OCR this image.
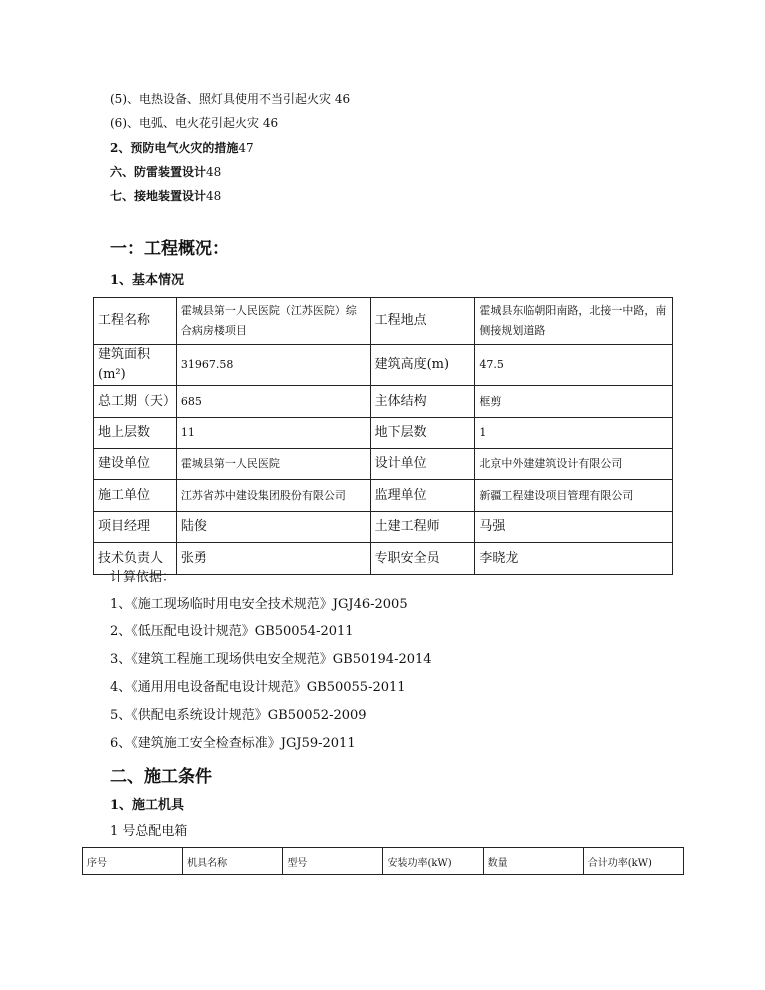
(5)、电热设备、照灯具使用不当引起火灾 46
(6)、电弧、电火花引起火灾 46
2、预防电气火灾的措施47
六、防雷装置设计48
七、接地装置设计48
一：工程概况：
1、基本情况
工程名称	霍城县第一人民医院（江苏医院）综合病房楼项目	工程地点	霍城县东临朝阳南路，北接一中路，南侧接规划道路
建筑面积(m²)	31967.58	建筑高度(m)	47.5
总工期（天）	685	主体结构	框剪
地上层数	11	地下层数	1
建设单位	霍城县第一人民医院	设计单位	北京中外建建筑设计有限公司
施工单位	江苏省苏中建设集团股份有限公司	监理单位	新疆工程建设项目管理有限公司
项目经理	陆俊	土建工程师	马强
技术负责人	张勇	专职安全员	李晓龙
计算依据：
1、《施工现场临时用电安全技术规范》JGJ46-2005
2、《低压配电设计规范》GB50054-2011
3、《建筑工程施工现场供电安全规范》GB50194-2014
4、《通用用电设备配电设计规范》GB50055-2011
5、《供配电系统设计规范》GB50052-2009
6、《建筑施工安全检查标准》JGJ59-2011
二、施工条件
1、施工机具
1 号总配电箱
序号	机具名称	型号	安装功率(kW)	数量	合计功率(kW)
